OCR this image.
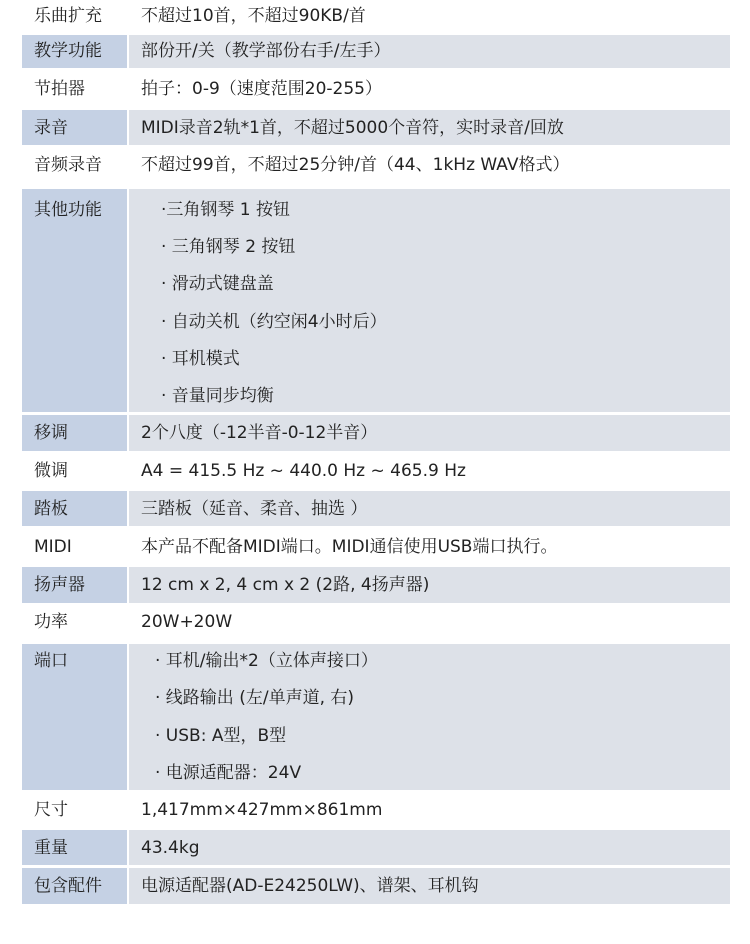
乐曲扩充 不超过10首，不超过90KB/首
教学功能 部份开/关（教学部份右手/左手）
节拍器	拍子：0-9（速度范围20-255）
录音	MIDI录音2轨*1首，不超过5000个音符，实时录音/回放
音频录音 不超过99首，不超过25分钟/首（44、1kHz WAV格式）
其他功能	·三角钢琴 1 按钮
· 三角钢琴 2 按钮
· 滑动式键盘盖
· 自动关机（约空闲4小时后）
· 耳机模式
· 音量同步均衡
移调	2个八度（-12半音-0-12半音）
微调	A4 = 415.5 Hz ~ 440.0 Hz ~ 465.9 Hz
踏板	三踏板（延音、柔音、抽选 ）
MIDI	本产品不配备MIDI端口。MIDI通信使用USB端口执行。
扬声器	12 cm x 2, 4 cm x 2 (2路, 4扬声器)
功率	20W+20W
端口	· 耳机/输出*2（立体声接口）
· 线路输出 (左/单声道, 右)
· USB: A型，B型
· 电源适配器：24V
尺寸	1,417mm×427mm×861mm
重量	43.4kg
包含配件 电源适配器(AD-E24250LW)、谱架、耳机钩
